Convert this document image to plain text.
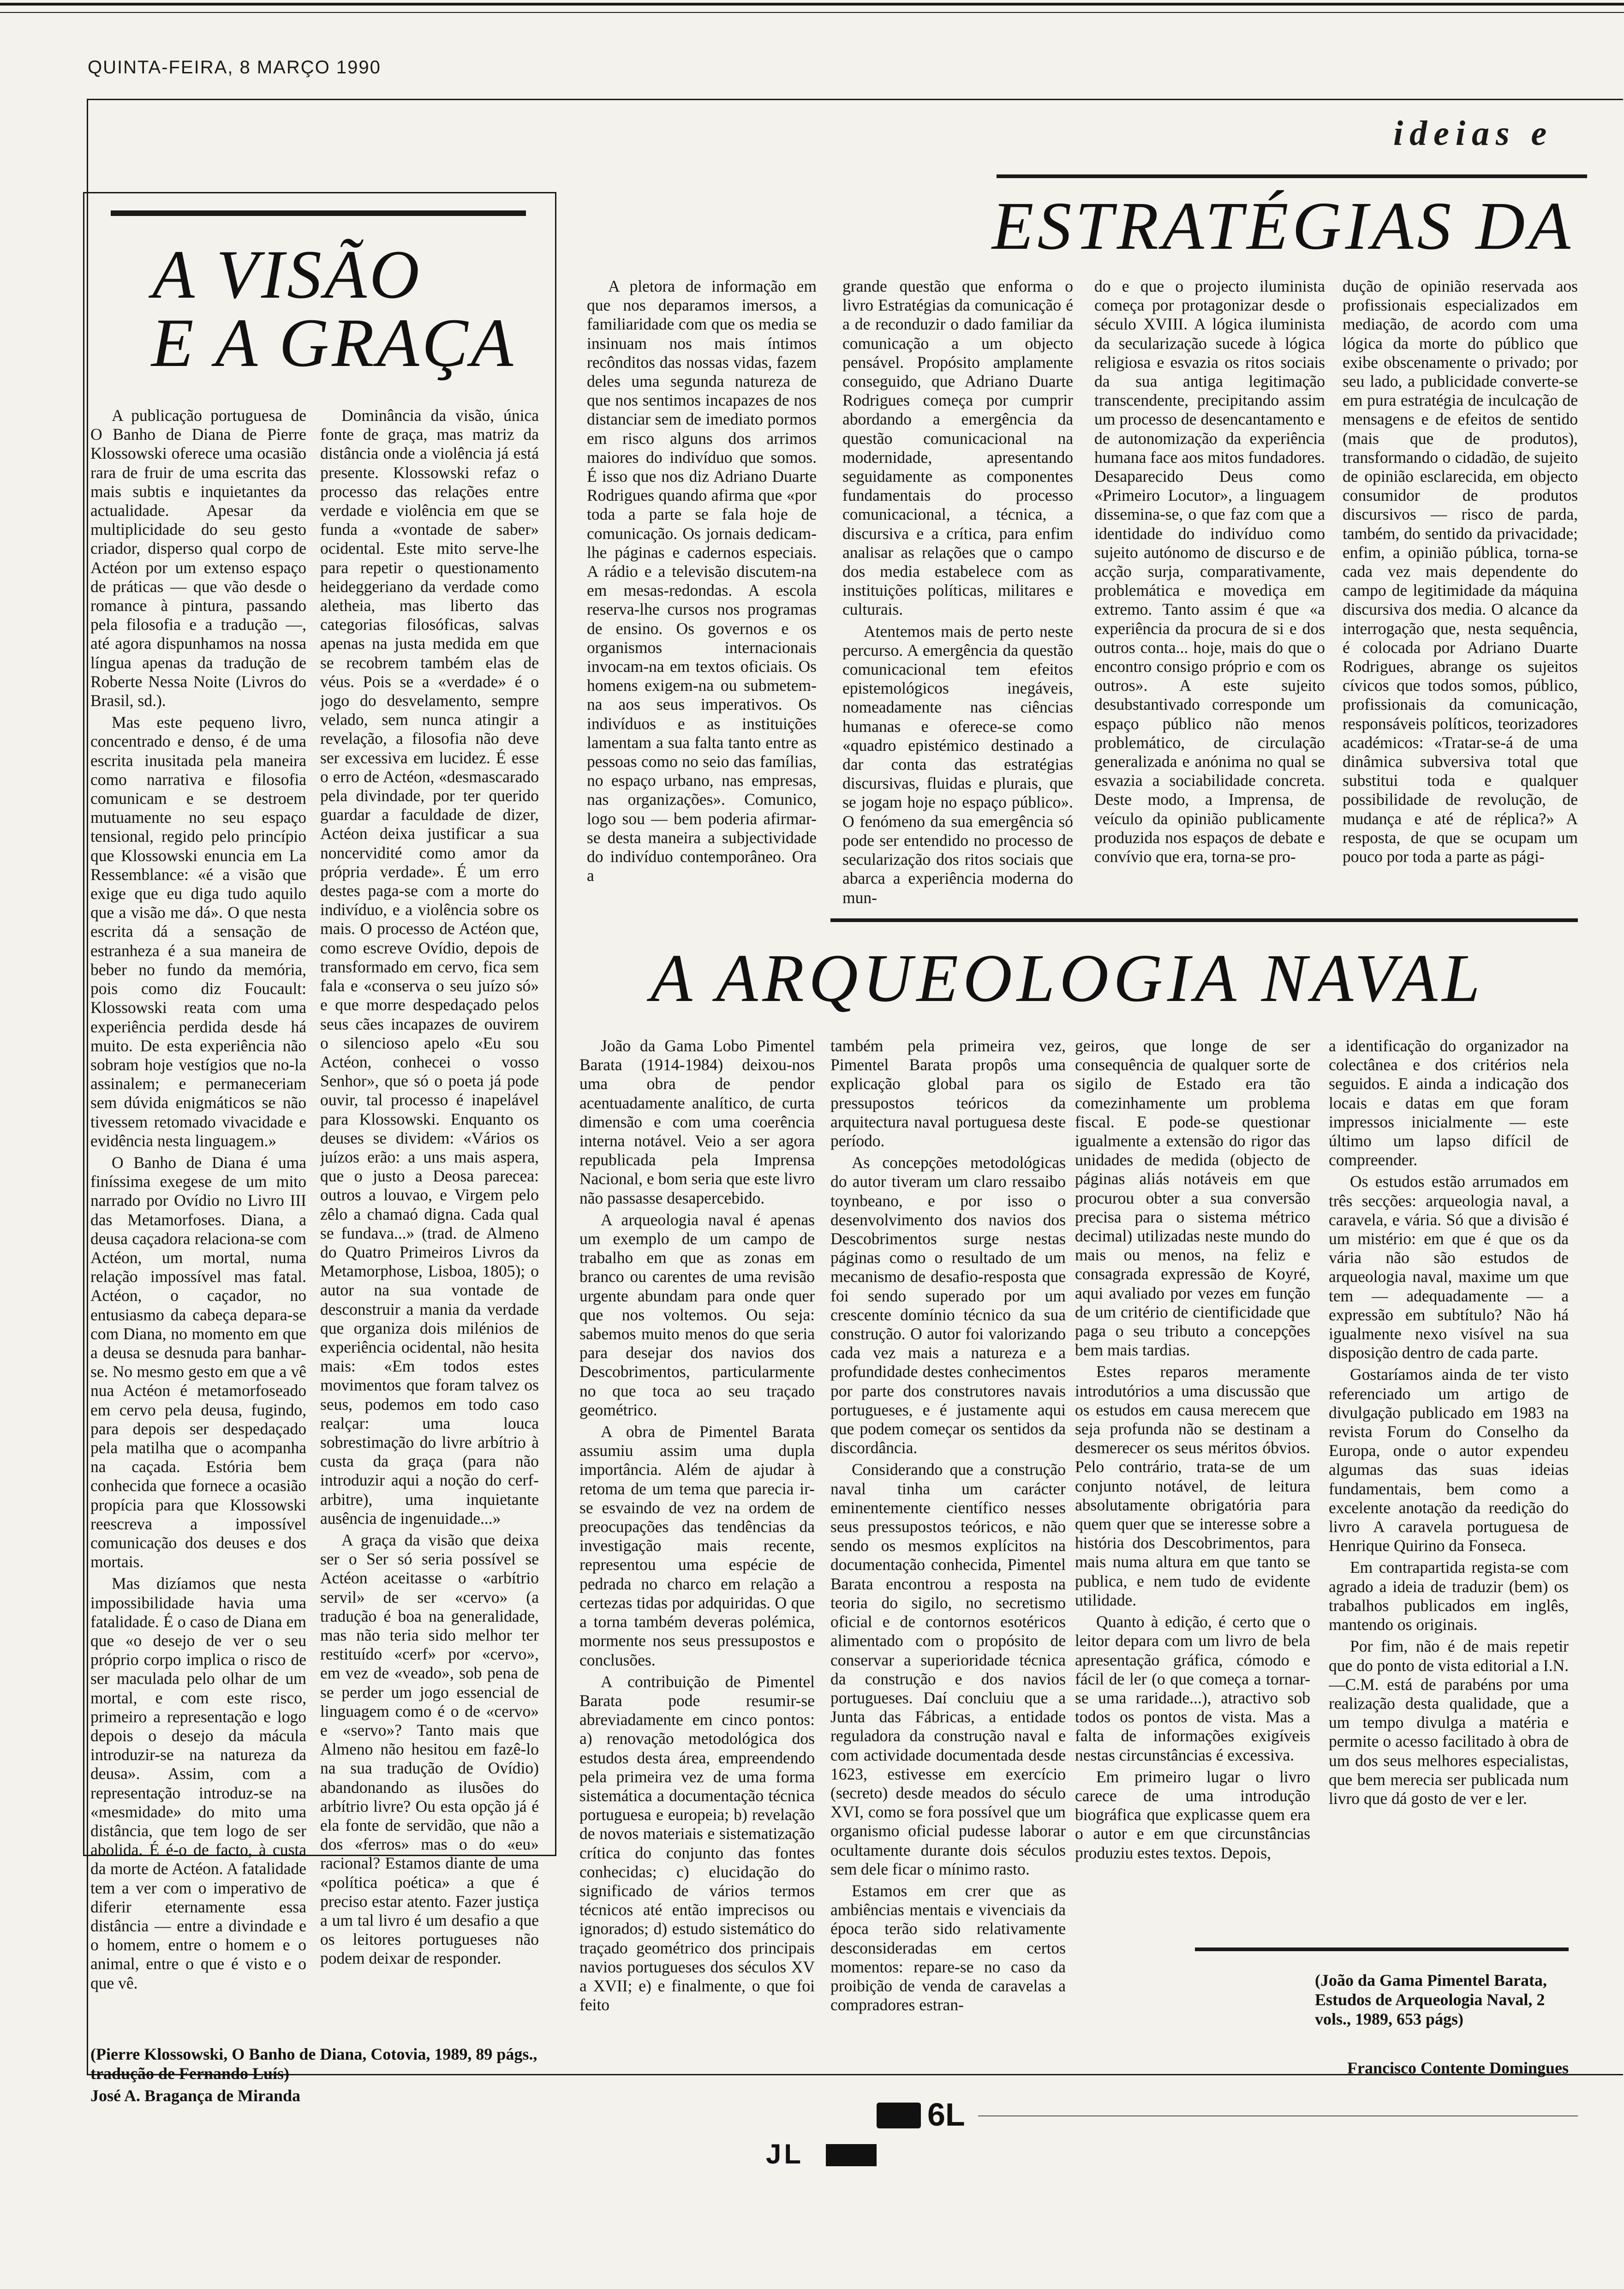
QUINTA-FEIRA, 8 MARÇO 1990
ideias e
A VISÃO
E A GRAÇA

A publicação portuguesa de O Banho de Diana de Pierre Klossowski oferece uma ocasião rara de fruir de uma escrita das mais subtis e inquietantes da actualidade. Apesar da multiplicidade do seu gesto criador, disperso qual corpo de Actéon por um extenso espaço de práticas — que vão desde o romance à pintura, passando pela filosofia e a tradução —, até agora dispunhamos na nossa língua apenas da tradução de Roberte Nessa Noite (Livros do Brasil, sd.).

Mas este pequeno livro, concentrado e denso, é de uma escrita inusitada pela maneira como narrativa e filosofia comunicam e se destroem mutuamente no seu espaço tensional, regido pelo princípio que Klossowski enuncia em La Ressemblance: «é a visão que exige que eu diga tudo aquilo que a visão me dá». O que nesta escrita dá a sensação de estranheza é a sua maneira de beber no fundo da memória, pois como diz Foucault: Klossowski reata com uma experiência perdida desde há muito. De esta experiência não sobram hoje vestígios que no-la assinalem; e permaneceriam sem dúvida enigmáticos se não tivessem retomado vivacidade e evidência nesta linguagem.»

O Banho de Diana é uma finíssima exegese de um mito narrado por Ovídio no Livro III das Metamorfoses. Diana, a deusa caçadora relaciona-se com Actéon, um mortal, numa relação impossível mas fatal. Actéon, o caçador, no entusiasmo da cabeça depara-se com Diana, no momento em que a deusa se desnuda para banhar-se. No mesmo gesto em que a vê nua Actéon é metamorfoseado em cervo pela deusa, fugindo, para depois ser despedaçado pela matilha que o acompanha na caçada. Estória bem conhecida que fornece a ocasião propícia para que Klossowski reescreva a impossível comunicação dos deuses e dos mortais.

Mas dizíamos que nesta impossibilidade havia uma fatalidade. É o caso de Diana em que «o desejo de ver o seu próprio corpo implica o risco de ser maculada pelo olhar de um mortal, e com este risco, primeiro a representação e logo depois o desejo da mácula introduzir-se na natureza da deusa». Assim, com a representação introduz-se na «mesmidade» do mito uma distância, que tem logo de ser abolida. É é-o de facto, à custa da morte de Actéon. A fatalidade tem a ver com o imperativo de diferir eternamente essa distância — entre a divindade e o homem, entre o homem e o animal, entre o que é visto e o que vê.

Dominância da visão, única fonte de graça, mas matriz da distância onde a violência já está presente. Klossowski refaz o processo das relações entre verdade e violência em que se funda a «vontade de saber» ocidental. Este mito serve-lhe para repetir o questionamento heideggeriano da verdade como aletheia, mas liberto das categorias filosóficas, salvas apenas na justa medida em que se recobrem também elas de véus. Pois se a «verdade» é o jogo do desvelamento, sempre velado, sem nunca atingir a revelação, a filosofia não deve ser excessiva em lucidez. É esse o erro de Actéon, «desmascarado pela divindade, por ter querido guardar a faculdade de dizer, Actéon deixa justificar a sua noncervidité como amor da própria verdade». É um erro destes paga-se com a morte do indivíduo, e a violência sobre os mais. O processo de Actéon que, como escreve Ovídio, depois de transformado em cervo, fica sem fala e «conserva o seu juízo só» e que morre despedaçado pelos seus cães incapazes de ouvirem o silencioso apelo «Eu sou Actéon, conhecei o vosso Senhor», que só o poeta já pode ouvir, tal processo é inapelável para Klossowski. Enquanto os deuses se dividem: «Vários os juízos erão: a uns mais aspera, que o justo a Deosa parecea: outros a louvao, e Virgem pelo zêlo a chamaó digna. Cada qual se fundava...» (trad. de Almeno do Quatro Primeiros Livros da Metamorphose, Lisboa, 1805); o autor na sua vontade de desconstruir a mania da verdade que organiza dois milénios de experiência ocidental, não hesita mais: «Em todos estes movimentos que foram talvez os seus, podemos em todo caso realçar: uma louca sobrestimação do livre arbítrio à custa da graça (para não introduzir aqui a noção do cerf-arbitre), uma inquietante ausência de ingenuidade...»

A graça da visão que deixa ser o Ser só seria possível se Actéon aceitasse o «arbítrio servil» de ser «cervo» (a tradução é boa na generalidade, mas não teria sido melhor ter restituído «cerf» por «cervo», em vez de «veado», sob pena de se perder um jogo essencial de linguagem como é o de «cervo» e «servo»? Tanto mais que Almeno não hesitou em fazê-lo na sua tradução de Ovídio) abandonando as ilusões do arbítrio livre? Ou esta opção já é ela fonte de servidão, que não a dos «ferros» mas o do «eu» racional? Estamos diante de uma «política poética» a que é preciso estar atento. Fazer justiça a um tal livro é um desafio a que os leitores portugueses não podem deixar de responder.

(Pierre Klossowski, O Banho de Diana, Cotovia, 1989, 89 págs., tradução de Fernando Luís)
José A. Bragança de Miranda
ESTRATÉGIAS DA

A pletora de informação em que nos deparamos imersos, a familiaridade com que os media se insinuam nos mais íntimos recônditos das nossas vidas, fazem deles uma segunda natureza de que nos sentimos incapazes de nos distanciar sem de imediato pormos em risco alguns dos arrimos maiores do indivíduo que somos. É isso que nos diz Adriano Duarte Rodrigues quando afirma que «por toda a parte se fala hoje de comunicação. Os jornais dedicam-lhe páginas e cadernos especiais. A rádio e a televisão discutem-na em mesas-redondas. A escola reserva-lhe cursos nos programas de ensino. Os governos e os organismos internacionais invocam-na em textos oficiais. Os homens exigem-na ou submetem-na aos seus imperativos. Os indivíduos e as instituições lamentam a sua falta tanto entre as pessoas como no seio das famílias, no espaço urbano, nas empresas, nas organizações». Comunico, logo sou — bem poderia afirmar-se desta maneira a subjectividade do indivíduo contemporâneo. Ora a

grande questão que enforma o livro Estratégias da comunicação é a de reconduzir o dado familiar da comunicação a um objecto pensável. Propósito amplamente conseguido, que Adriano Duarte Rodrigues começa por cumprir abordando a emergência da questão comunicacional na modernidade, apresentando seguidamente as componentes fundamentais do processo comunicacional, a técnica, a discursiva e a crítica, para enfim analisar as relações que o campo dos media estabelece com as instituições políticas, militares e culturais.

Atentemos mais de perto neste percurso. A emergência da questão comunicacional tem efeitos epistemológicos inegáveis, nomeadamente nas ciências humanas e oferece-se como «quadro epistémico destinado a dar conta das estratégias discursivas, fluidas e plurais, que se jogam hoje no espaço público». O fenómeno da sua emergência só pode ser entendido no processo de secularização dos ritos sociais que abarca a experiência moderna do mun-

do e que o projecto iluminista começa por protagonizar desde o século XVIII. A lógica iluminista da secularização sucede à lógica religiosa e esvazia os ritos sociais da sua antiga legitimação transcendente, precipitando assim um processo de desencantamento e de autonomização da experiência humana face aos mitos fundadores. Desaparecido Deus como «Primeiro Locutor», a linguagem dissemina-se, o que faz com que a identidade do indivíduo como sujeito autónomo de discurso e de acção surja, comparativamente, problemática e movediça em extremo. Tanto assim é que «a experiência da procura de si e dos outros conta... hoje, mais do que o encontro consigo próprio e com os outros». A este sujeito desubstantivado corresponde um espaço público não menos problemático, de circulação generalizada e anónima no qual se esvazia a sociabilidade concreta. Deste modo, a Imprensa, de veículo da opinião publicamente produzida nos espaços de debate e convívio que era, torna-se pro-

dução de opinião reservada aos profissionais especializados em mediação, de acordo com uma lógica da morte do público que exibe obscenamente o privado; por seu lado, a publicidade converte-se em pura estratégia de inculcação de mensagens e de efeitos de sentido (mais que de produtos), transformando o cidadão, de sujeito de opinião esclarecida, em objecto consumidor de produtos discursivos — risco de parda, também, do sentido da privacidade; enfim, a opinião pública, torna-se cada vez mais dependente do campo de legitimidade da máquina discursiva dos media. O alcance da interrogação que, nesta sequência, é colocada por Adriano Duarte Rodrigues, abrange os sujeitos cívicos que todos somos, público, profissionais da comunicação, responsáveis políticos, teorizadores académicos: «Tratar-se-á de uma dinâmica subversiva total que substitui toda e qualquer possibilidade de revolução, de mudança e até de réplica?» A resposta, de que se ocupam um pouco por toda a parte as pági-

A ARQUEOLOGIA NAVAL

João da Gama Lobo Pimentel Barata (1914-1984) deixou-nos uma obra de pendor acentuadamente analítico, de curta dimensão e com uma coerência interna notável. Veio a ser agora republicada pela Imprensa Nacional, e bom seria que este livro não passasse desapercebido.

A arqueologia naval é apenas um exemplo de um campo de trabalho em que as zonas em branco ou carentes de uma revisão urgente abundam para onde quer que nos voltemos. Ou seja: sabemos muito menos do que seria para desejar dos navios dos Descobrimentos, particularmente no que toca ao seu traçado geométrico.

A obra de Pimentel Barata assumiu assim uma dupla importância. Além de ajudar à retoma de um tema que parecia ir-se esvaindo de vez na ordem de preocupações das tendências da investigação mais recente, representou uma espécie de pedrada no charco em relação a certezas tidas por adquiridas. O que a torna também deveras polémica, mormente nos seus pressupostos e conclusões.

A contribuição de Pimentel Barata pode resumir-se abreviadamente em cinco pontos: a) renovação metodológica dos estudos desta área, empreendendo pela primeira vez de uma forma sistemática a documentação técnica portuguesa e europeia; b) revelação de novos materiais e sistematização crítica do conjunto das fontes conhecidas; c) elucidação do significado de vários termos técnicos até então imprecisos ou ignorados; d) estudo sistemático do traçado geométrico dos principais navios portugueses dos séculos XV a XVII; e) e finalmente, o que foi feito

também pela primeira vez, Pimentel Barata propôs uma explicação global para os pressupostos teóricos da arquitectura naval portuguesa deste período.

As concepções metodológicas do autor tiveram um claro ressaibo toynbeano, e por isso o desenvolvimento dos navios dos Descobrimentos surge nestas páginas como o resultado de um mecanismo de desafio-resposta que foi sendo superado por um crescente domínio técnico da sua construção. O autor foi valorizando cada vez mais a natureza e a profundidade destes conhecimentos por parte dos construtores navais portugueses, e é justamente aqui que podem começar os sentidos da discordância.

Considerando que a construção naval tinha um carácter eminentemente científico nesses seus pressupostos teóricos, e não sendo os mesmos explícitos na documentação conhecida, Pimentel Barata encontrou a resposta na teoria do sigilo, no secretismo oficial e de contornos esotéricos alimentado com o propósito de conservar a superioridade técnica da construção e dos navios portugueses. Daí concluiu que a Junta das Fábricas, a entidade reguladora da construção naval e com actividade documentada desde 1623, estivesse em exercício (secreto) desde meados do século XVI, como se fora possível que um organismo oficial pudesse laborar ocultamente durante dois séculos sem dele ficar o mínimo rasto.

Estamos em crer que as ambiências mentais e vivenciais da época terão sido relativamente desconsideradas em certos momentos: repare-se no caso da proibição de venda de caravelas a compradores estran-

geiros, que longe de ser consequência de qualquer sorte de sigilo de Estado era tão comezinhamente um problema fiscal. E pode-se questionar igualmente a extensão do rigor das unidades de medida (objecto de páginas aliás notáveis em que procurou obter a sua conversão precisa para o sistema métrico decimal) utilizadas neste mundo do mais ou menos, na feliz e consagrada expressão de Koyré, aqui avaliado por vezes em função de um critério de cientificidade que paga o seu tributo a concepções bem mais tardias.

Estes reparos meramente introdutórios a uma discussão que os estudos em causa merecem que seja profunda não se destinam a desmerecer os seus méritos óbvios. Pelo contrário, trata-se de um conjunto notável, de leitura absolutamente obrigatória para quem quer que se interesse sobre a história dos Descobrimentos, para mais numa altura em que tanto se publica, e nem tudo de evidente utilidade.

Quanto à edição, é certo que o leitor depara com um livro de bela apresentação gráfica, cómodo e fácil de ler (o que começa a tornar-se uma raridade...), atractivo sob todos os pontos de vista. Mas a falta de informações exigíveis nestas circunstâncias é excessiva.

Em primeiro lugar o livro carece de uma introdução biográfica que explicasse quem era o autor e em que circunstâncias produziu estes textos. Depois,

a identificação do organizador na colectânea e dos critérios nela seguidos. E ainda a indicação dos locais e datas em que foram impressos inicialmente — este último um lapso difícil de compreender.

Os estudos estão arrumados em três secções: arqueologia naval, a caravela, e vária. Só que a divisão é um mistério: em que é que os da vária não são estudos de arqueologia naval, maxime um que tem — adequadamente — a expressão em subtítulo? Não há igualmente nexo visível na sua disposição dentro de cada parte.

Gostaríamos ainda de ter visto referenciado um artigo de divulgação publicado em 1983 na revista Forum do Conselho da Europa, onde o autor expendeu algumas das suas ideias fundamentais, bem como a excelente anotação da reedição do livro A caravela portuguesa de Henrique Quirino da Fonseca.

Em contrapartida regista-se com agrado a ideia de traduzir (bem) os trabalhos publicados em inglês, mantendo os originais.

Por fim, não é de mais repetir que do ponto de vista editorial a I.N.—C.M. está de parabéns por uma realização desta qualidade, que a um tempo divulga a matéria e permite o acesso facilitado à obra de um dos seus melhores especialistas, que bem merecia ser publicada num livro que dá gosto de ver e ler.

(João da Gama Pimentel Barata, Estudos de Arqueologia Naval, 2 vols., 1989, 653 págs)
Francisco Contente Domingues
6L
JL
